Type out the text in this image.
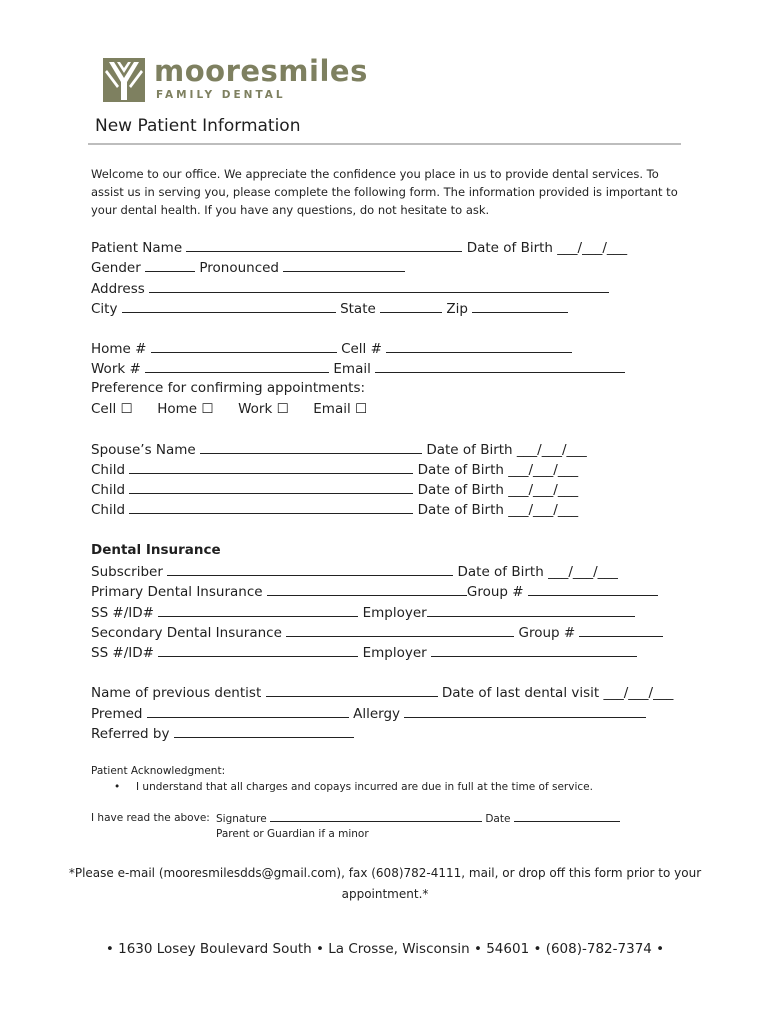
mooresmiles
FAMILY DENTAL
New Patient Information
Welcome to our office. We appreciate the confidence you place in us to provide dental services. To assist us in serving you, please complete the following form. The information provided is important to your dental health. If you have any questions, do not hesitate to ask.
Patient Name	Date of Birth ___/___/___
Gender	Pronounced
Address
City	State	Zip
Home #	Cell #
Work #	Email
Preference for confirming appointments:
Cell ☐ Home ☐ Work ☐ Email ☐
Spouse’s Name	Date of Birth ___/___/___
Child	Date of Birth ___/___/___
Child	Date of Birth ___/___/___
Child	Date of Birth ___/___/___
Dental Insurance
Subscriber	Date of Birth ___/___/___
Primary Dental Insurance	Group #
SS #/ID#	Employer
Secondary Dental Insurance	Group #
SS #/ID#	Employer
Name of previous dentist	Date of last dental visit ___/___/___
Premed	Allergy
Referred by
Patient Acknowledgment:
• I understand that all charges and copays incurred are due in full at the time of service.
I have read the above: Signature	Date
Parent or Guardian if a minor
*Please e-mail (mooresmilesdds@gmail.com), fax (608)782-4111, mail, or drop off this form prior to your appointment.*
• 1630 Losey Boulevard South • La Crosse, Wisconsin • 54601 • (608)-782-7374 •
